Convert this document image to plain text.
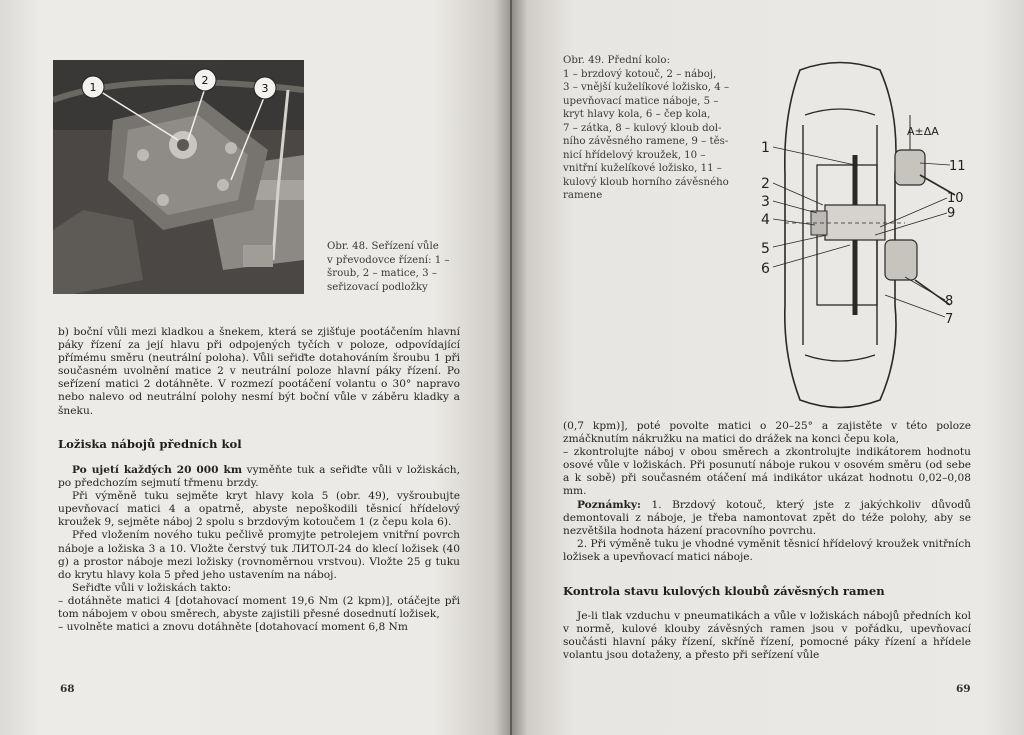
1
2
3
Obr. 48. Seřízení vůle
v převodovce řízení: 1 –
šroub, 2 – matice, 3 –
seřizovací podložky

b) boční vůli mezi kladkou a šnekem, která se zjišťuje pootáčením hlavní páky řízení za její hlavu při odpojených tyčích v poloze, odpovídající přímému směru (neutrální poloha). Vůli seřiďte dotahováním šroubu 1 při současném uvolnění matice 2 v neutrální poloze hlavní páky řízení. Po seřízení matici 2 dotáhněte. V rozmezí pootáčení volantu o 30° napravo nebo nalevo od neutrální polohy nesmí být boční vůle v záběru kladky a šneku.

Ložiska nábojů předních kol

Po ujetí každých 20 000 km vyměňte tuk a seřiďte vůli v ložiskách, po předchozím sejmutí třmenu brzdy.

Při výměně tuku sejměte kryt hlavy kola 5 (obr. 49), vyšroubujte upevňovací matici 4 a opatrně, abyste nepoškodili těsnicí hřídelový kroužek 9, sejměte náboj 2 spolu s brzdovým kotoučem 1 (z čepu kola 6).

Před vložením nového tuku pečlivě promyjte petrolejem vnitřní povrch náboje a ložiska 3 a 10. Vložte čerstvý tuk ЛИТОЛ-24 do klecí ložisek (40 g) a prostor náboje mezi ložisky (rovnoměrnou vrstvou). Vložte 25 g tuku do krytu hlavy kola 5 před jeho ustavením na náboj.

Seřiďte vůli v ložiskách takto:

– dotáhněte matici 4 [dotahovací moment 19,6 Nm (2 kpm)], otáčejte při tom nábojem v obou směrech, abyste zajistili přesné dosednutí ložisek,

– uvolněte matici a znovu dotáhněte [dotahovací moment 6,8 Nm

68
Obr. 49. Přední kolo:
1 – brzdový kotouč, 2 – náboj,
3 – vnější kuželíkové ložisko, 4 –
upevňovací matice náboje, 5 –
kryt hlavy kola, 6 – čep kola,
7 – zátka, 8 – kulový kloub dol-
ního závěsného ramene, 9 – těs-
nicí hřídelový kroužek, 10 –
vnitřní kuželíkové ložisko, 11 –
kulový kloub horního závěsného
ramene

(0,7 kpm)], poté povolte matici o 20–25° a zajistěte v této poloze zmáčknutím nákružku na matici do drážek na konci čepu kola,

– zkontrolujte náboj v obou směrech a zkontrolujte indikátorem hodnotu osové vůle v ložiskách. Při posunutí náboje rukou v osovém směru (od sebe a k sobě) při současném otáčení má indikátor ukázat hodnotu 0,02–0,08 mm.

Poznámky: 1. Brzdový kotouč, který jste z jakýchkoliv důvodů demontovali z náboje, je třeba namontovat zpět do téže polohy, aby se nezvětšila hodnota házení pracovního povrchu.

2. Při výměně tuku je vhodné vyměnit těsnicí hřídelový kroužek vnitřních ložisek a upevňovací matici náboje.

Kontrola stavu kulových kloubů závěsných ramen

Je-li tlak vzduchu v pneumatikách a vůle v ložiskách nábojů předních kol v normě, kulové klouby závěsných ramen jsou v pořádku, upevňovací součásti hlavní páky řízení, skříně řízení, pomocné páky řízení a hřídele volantu jsou dotaženy, a přesto při seřízení vůle

69
1
2
3
4
5
6
11
10
9
8
7
A±ΔA
